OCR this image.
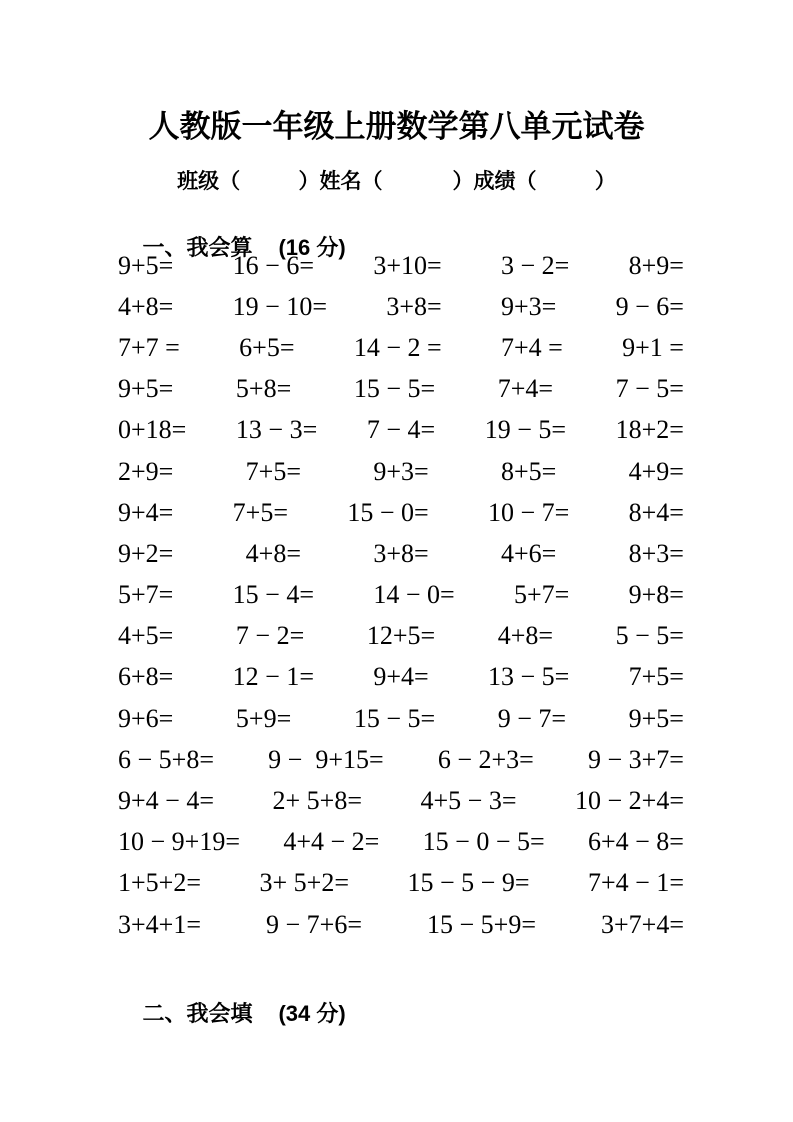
人教版一年级上册数学第八单元试卷
班级（          ）姓名（            ）成绩（          ）

一、我会算 (16 分)

9+5= 16 − 6= 3+10= 3 − 2= 8+9=
4+8= 19 − 10= 3+8= 9+3= 9 − 6=
7+7 = 6+5= 14 − 2 = 7+4 = 9+1 =
9+5= 5+8= 15 − 5= 7+4= 7 − 5=
0+18= 13 − 3= 7 − 4= 19 − 5= 18+2=
2+9=	7+5=	9+3=	8+5=	4+9=
9+4= 7+5= 15 − 0= 10 − 7= 8+4=
9+2=	4+8=	3+8=	4+6=	8+3=
5+7= 15 − 4= 14 − 0= 5+7= 9+8=
4+5= 7 − 2= 12+5= 4+8= 5 − 5=
6+8= 12 − 1= 9+4= 13 − 5= 7+5=
9+6= 5+9= 15 − 5= 9 − 7= 9+5=
6 − 5+8= 9 −  9+15= 6 − 2+3= 9 − 3+7=
9+4 − 4= 2+ 5+8= 4+5 − 3= 10 − 2+4=
10 − 9+19= 4+4 − 2= 15 − 0 − 5= 6+4 − 8=
1+5+2= 3+ 5+2= 15 − 5 − 9= 7+4 − 1=
3+4+1=	9 − 7+6=	15 − 5+9=	3+7+4=

二、我会填 (34 分)
